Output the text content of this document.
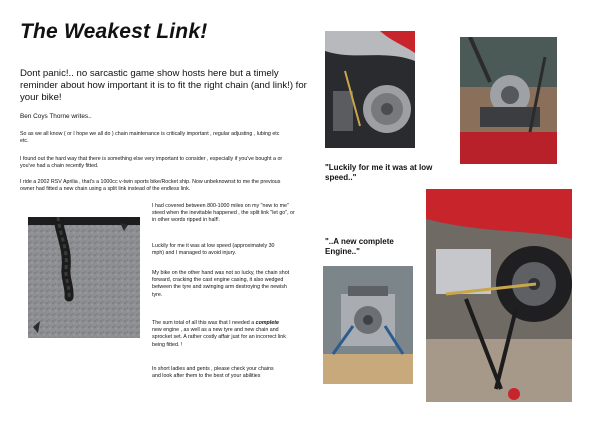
The Weakest Link!
Dont panic!.. no sarcastic game show hosts here but a timely reminder about how important it is to fit the right chain (and link!) for your bike!
Ben Coys Thorne writes..
So as we all know ( or I hope we all do ) chain maintenance is critically important , regular adjusting , lubing etc etc.
I found out the hard way that there is something else very important to consider , especially if you've bought a or you've had a chain recently fitted.
I ride a 2002 RSV Aprilia , that's a 1000cc v-twin sports bike/Rocket ship. Now unbeknownst to me the previous owner had fitted a new chain using a split link instead of the endless link.
I had covered between 800-1000 miles on my "new to me" steed when the inevitable happened , the split link "let go", or in other words ripped in half!.
Luckily for me it was at low speed (approximately 30 mph) and I managed to avoid injury.
My bike on the other hand was not so lucky, the chain shot forward, cracking the cast engine casing, it also wedged between the tyre and swinging arm destroying the newish tyre.
The sum total of all this was that I needed a complete new engine , as well as a new tyre and new chain and sprocket set. A rather costly affair just for an incorrect link being fitted. !
In short ladies and gents , please check your chains and look after them to the best of your abilities
"Luckily for me it was at low speed.."
"..A new complete Engine.."
